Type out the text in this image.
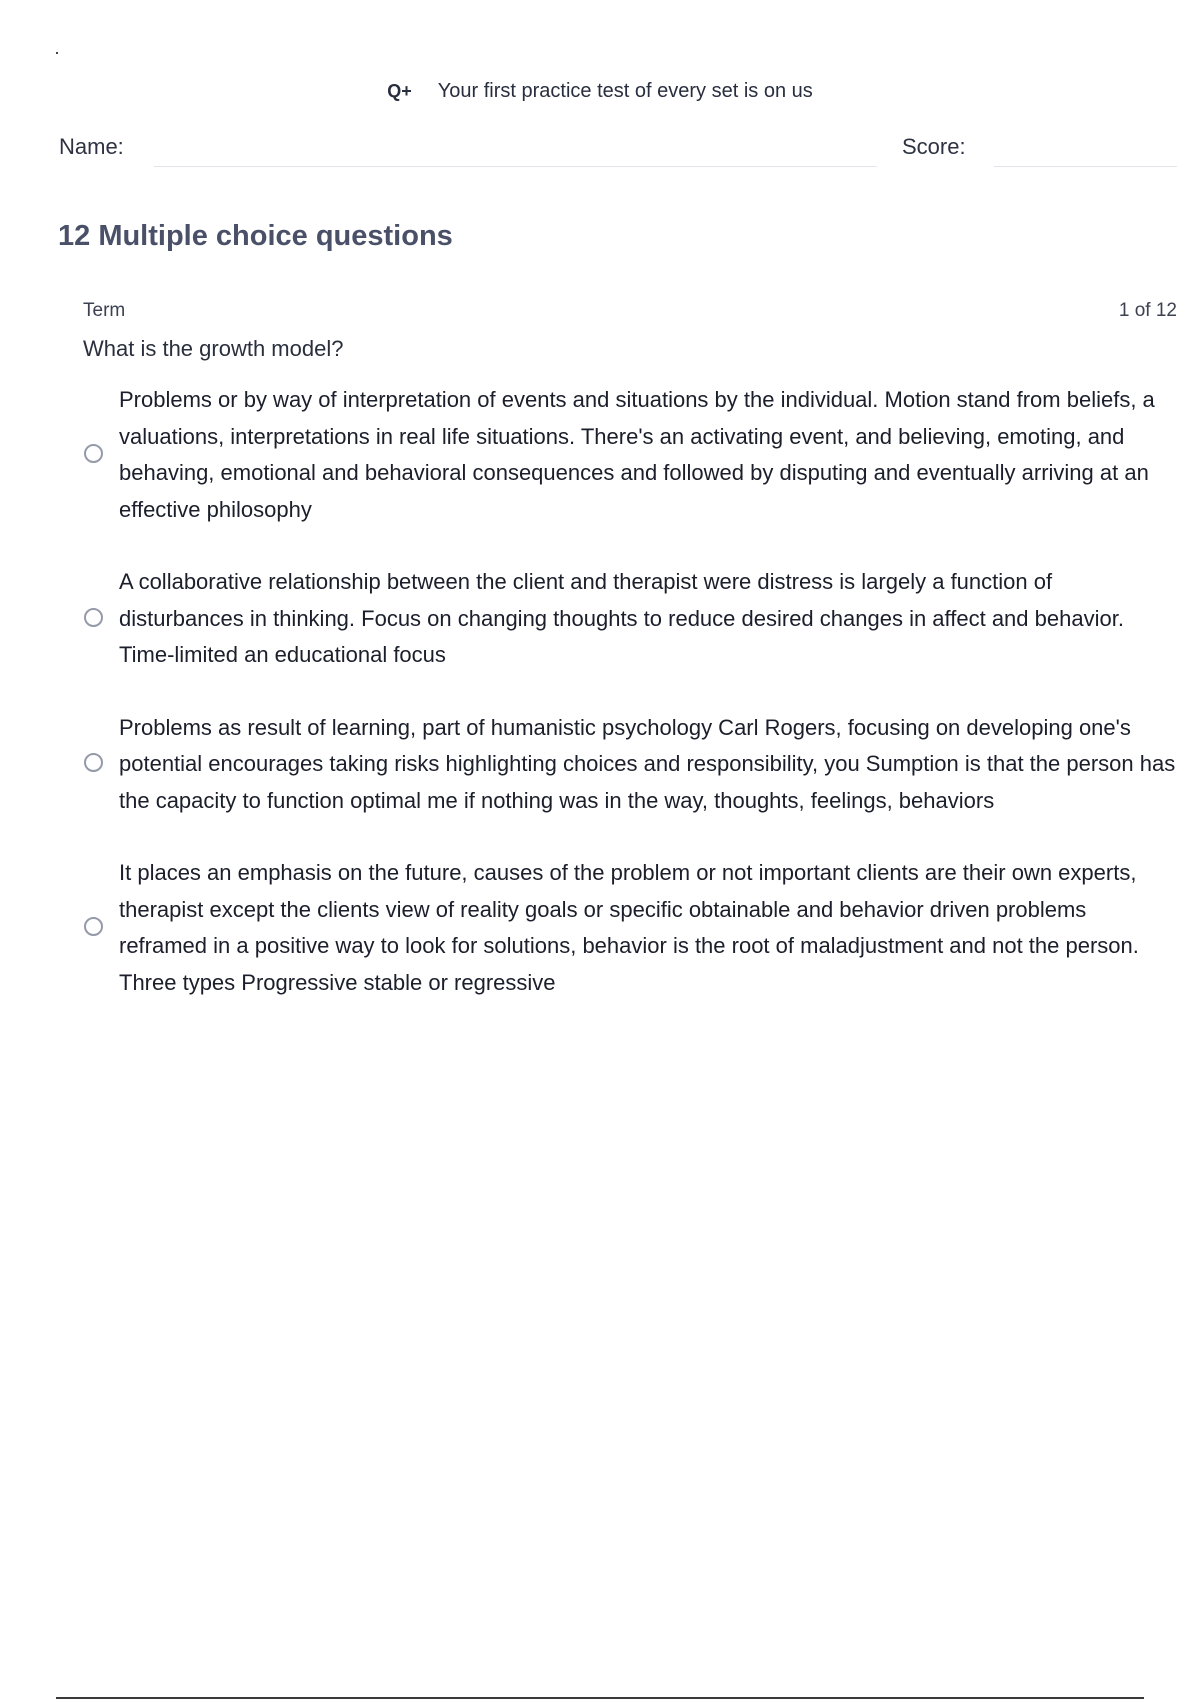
Q+ Your first practice test of every set is on us
Name:	Score:
12 Multiple choice questions
Term	1 of 12
What is the growth model?
Problems or by way of interpretation of events and situations by the individual. Motion stand from beliefs, a valuations, interpretations in real life situations. There's an activating event, and believing, emoting, and behaving, emotional and behavioral consequences and followed by disputing and eventually arriving at an effective philosophy
A collaborative relationship between the client and therapist were distress is largely a function of disturbances in thinking. Focus on changing thoughts to reduce desired changes in affect and behavior. Time-limited an educational focus
Problems as result of learning, part of humanistic psychology Carl Rogers, focusing on developing one's potential encourages taking risks highlighting choices and responsibility, you Sumption is that the person has the capacity to function optimal me if nothing was in the way, thoughts, feelings, behaviors
It places an emphasis on the future, causes of the problem or not important clients are their own experts, therapist except the clients view of reality goals or specific obtainable and behavior driven problems reframed in a positive way to look for solutions, behavior is the root of maladjustment and not the person. Three types Progressive stable or regressive
